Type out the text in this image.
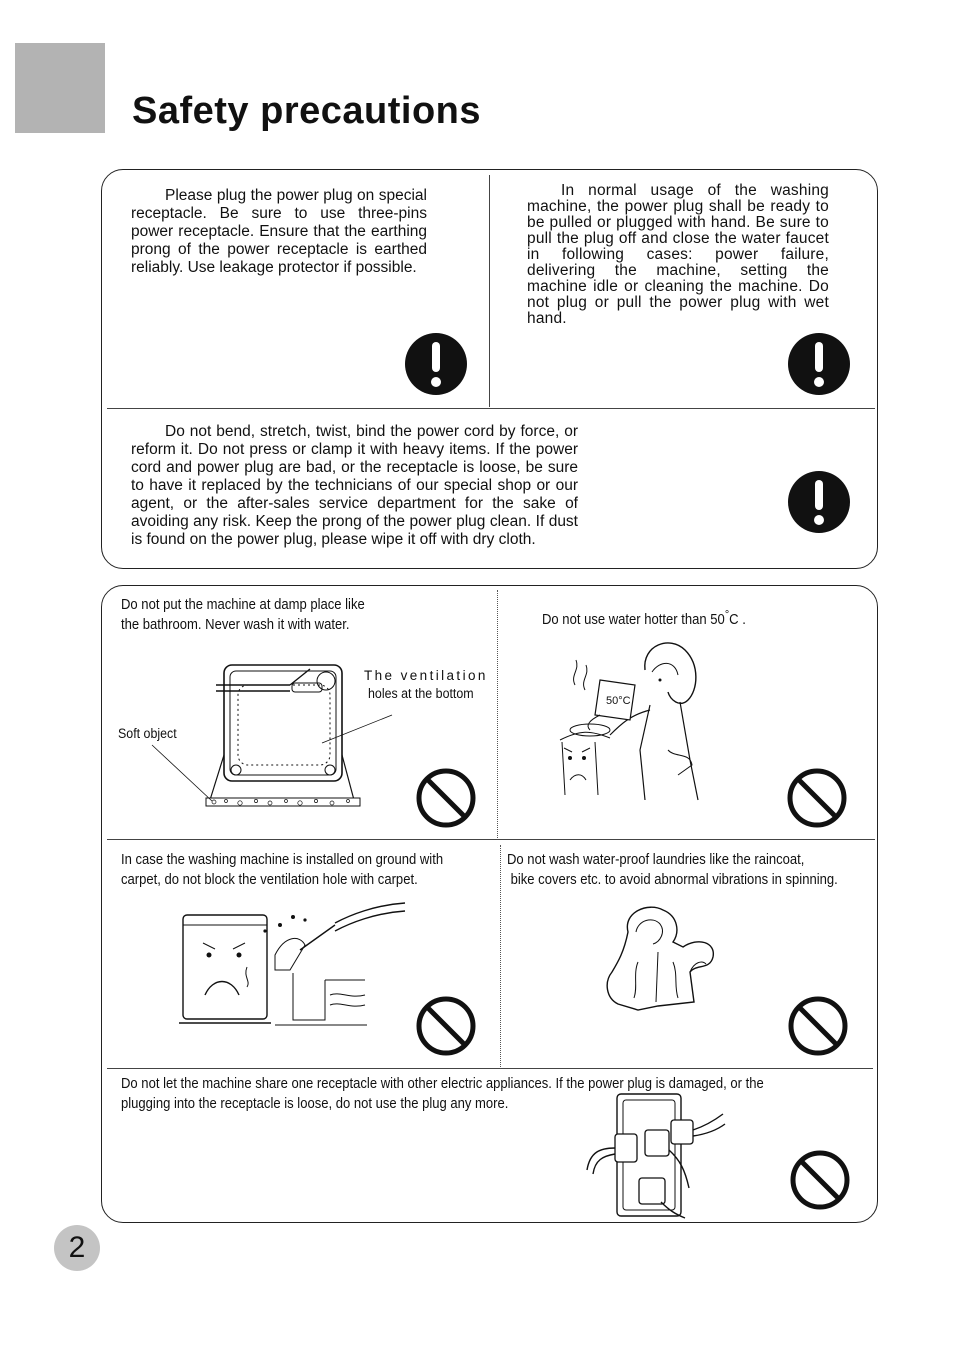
Safety precautions

Please plug the power plug on special receptacle. Be sure to use three-pins power receptacle. Ensure that the earthing prong of the power receptacle is earthed reliably. Use leakage protector if possible.

In normal usage of the washing machine, the power plug shall be ready to be pulled or plugged with hand. Be sure to pull the plug off and close the water faucet in following cases: power failure, delivering the machine, setting the machine idle or cleaning the machine. Do not plug or pull the power plug with wet hand.

Do not bend, stretch, twist, bind the power cord by force, or reform it. Do not press or clamp it with heavy items. If the power cord and power plug are bad, or the receptacle is loose, be sure to have it replaced by the technicians of our special shop or our agent, or the after-sales service department for the sake of avoiding any risk. Keep the prong of the power plug clean. If dust is found on the power plug, please wipe it off with dry cloth.

Do not put the machine at damp place like
the bathroom. Never wash it with water.
The ventilation
holes at the bottom
Soft object
Do not use water hotter than 50°C .
50°C
In case the washing machine is installed on ground with
carpet, do not block the ventilation hole with carpet.
Do not wash water-proof laundries like the raincoat,
bike covers etc. to avoid abnormal vibrations in spinning.
Do not let the machine share one receptacle with other electric appliances. If the power plug is damaged, or the
plugging into the receptacle is loose, do not use the plug any more.
2
